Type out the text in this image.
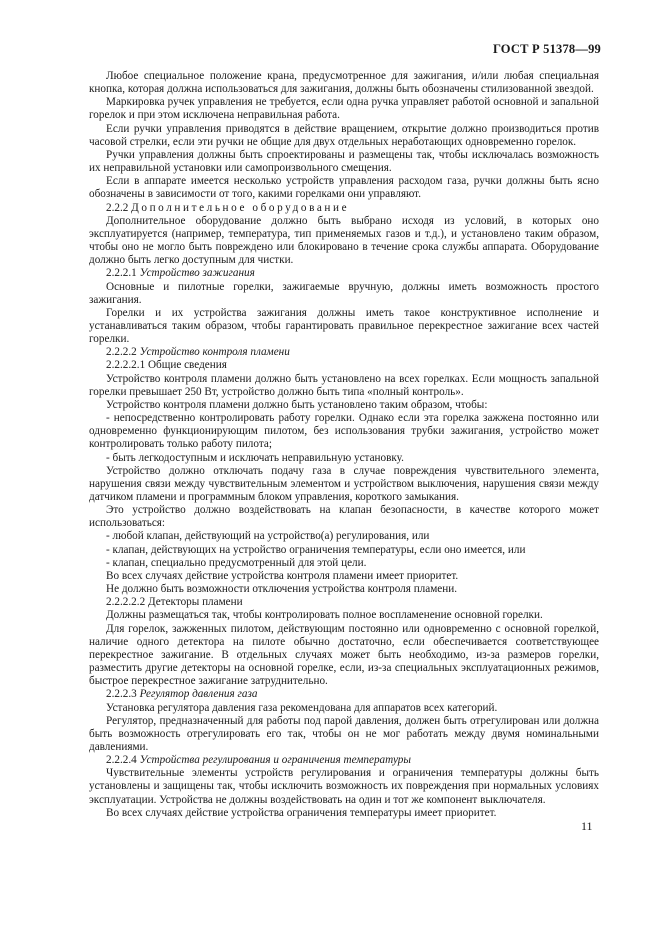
ГОСТ Р 51378—99

Любое специальное положение крана, предусмотренное для зажигания, и/или любая специальная кнопка, которая должна использоваться для зажигания, должны быть обозначены стилизованной звездой.

Маркировка ручек управления не требуется, если одна ручка управляет работой основной и запальной горелок и при этом исключена неправильная работа.

Если ручки управления приводятся в действие вращением, открытие должно производиться против часовой стрелки, если эти ручки не общие для двух отдельных неработающих одновременно горелок.

Ручки управления должны быть спроектированы и размещены так, чтобы исключалась возможность их неправильной установки или самопроизвольного смещения.

Если в аппарате имеется несколько устройств управления расходом газа, ручки должны быть ясно обозначены в зависимости от того, какими горелками они управляют.

2.2.2 Дополнительное оборудование

Дополнительное оборудование должно быть выбрано исходя из условий, в которых оно эксплуатируется (например, температура, тип применяемых газов и т.д.), и установлено таким образом, чтобы оно не могло быть повреждено или блокировано в течение срока службы аппарата. Оборудование должно быть легко доступным для чистки.

2.2.2.1 Устройство зажигания

Основные и пилотные горелки, зажигаемые вручную, должны иметь возможность простого зажигания.

Горелки и их устройства зажигания должны иметь такое конструктивное исполнение и устанавливаться таким образом, чтобы гарантировать правильное перекрестное зажигание всех частей горелки.

2.2.2.2 Устройство контроля пламени

2.2.2.2.1 Общие сведения

Устройство контроля пламени должно быть установлено на всех горелках. Если мощность запальной горелки превышает 250 Вт, устройство должно быть типа «полный контроль».

Устройство контроля пламени должно быть установлено таким образом, чтобы:

- непосредственно контролировать работу горелки. Однако если эта горелка зажжена постоянно или одновременно функционирующим пилотом, без использования трубки зажигания, устройство может контролировать только работу пилота;

- быть легкодоступным и исключать неправильную установку.

Устройство должно отключать подачу газа в случае повреждения чувствительного элемента, нарушения связи между чувствительным элементом и устройством выключения, нарушения связи между датчиком пламени и программным блоком управления, короткого замыкания.

Это устройство должно воздействовать на клапан безопасности, в качестве которого может использоваться:

- любой клапан, действующий на устройство(а) регулирования, или

- клапан, действующих на устройство ограничения температуры, если оно имеется, или

- клапан, специально предусмотренный для этой цели.

Во всех случаях действие устройства контроля пламени имеет приоритет.

Не должно быть возможности отключения устройства контроля пламени.

2.2.2.2.2 Детекторы пламени

Должны размещаться так, чтобы контролировать полное воспламенение основной горелки.

Для горелок, зажженных пилотом, действующим постоянно или одновременно с основной горелкой, наличие одного детектора на пилоте обычно достаточно, если обеспечивается соответствующее перекрестное зажигание. В отдельных случаях может быть необходимо, из-за размеров горелки, разместить другие детекторы на основной горелке, если, из-за специальных эксплуатационных режимов, быстрое перекрестное зажигание затруднительно.

2.2.2.3 Регулятор давления газа

Установка регулятора давления газа рекомендована для аппаратов всех категорий.

Регулятор, предназначенный для работы под парой давления, должен быть отрегулирован или должна быть возможность отрегулировать его так, чтобы он не мог работать между двумя номинальными давлениями.

2.2.2.4 Устройства регулирования и ограничения температуры

Чувствительные элементы устройств регулирования и ограничения температуры должны быть установлены и защищены так, чтобы исключить возможность их повреждения при нормальных условиях эксплуатации. Устройства не должны воздействовать на один и тот же компонент выключателя.

Во всех случаях действие устройства ограничения температуры имеет приоритет.

11
